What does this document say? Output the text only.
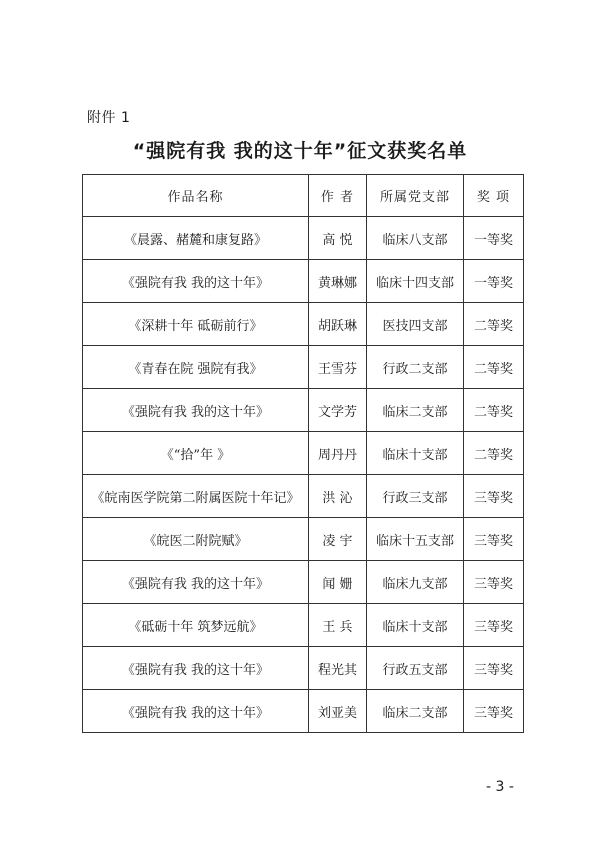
附件 1
“强院有我 我的这十年”征文获奖名单
作品名称	作 者	所属党支部	奖 项
《晨露、赭麓和康复路》	高 悦	临床八支部	一等奖
《强院有我 我的这十年》	黄琳娜	临床十四支部	一等奖
《深耕十年 砥砺前行》	胡跃琳	医技四支部	二等奖
《青春在院 强院有我》	王雪芬	行政二支部	二等奖
《强院有我 我的这十年》	文学芳	临床二支部	二等奖
《“拾”年 》	周丹丹	临床十支部	二等奖
《皖南医学院第二附属医院十年记》	洪 沁	行政三支部	三等奖
《皖医二附院赋》	凌 宇	临床十五支部	三等奖
《强院有我 我的这十年》	闻 姗	临床九支部	三等奖
《砥砺十年 筑梦远航》	王 兵	临床十支部	三等奖
《强院有我 我的这十年》	程光其	行政五支部	三等奖
《强院有我 我的这十年》	刘亚美	临床二支部	三等奖
- 3 -
